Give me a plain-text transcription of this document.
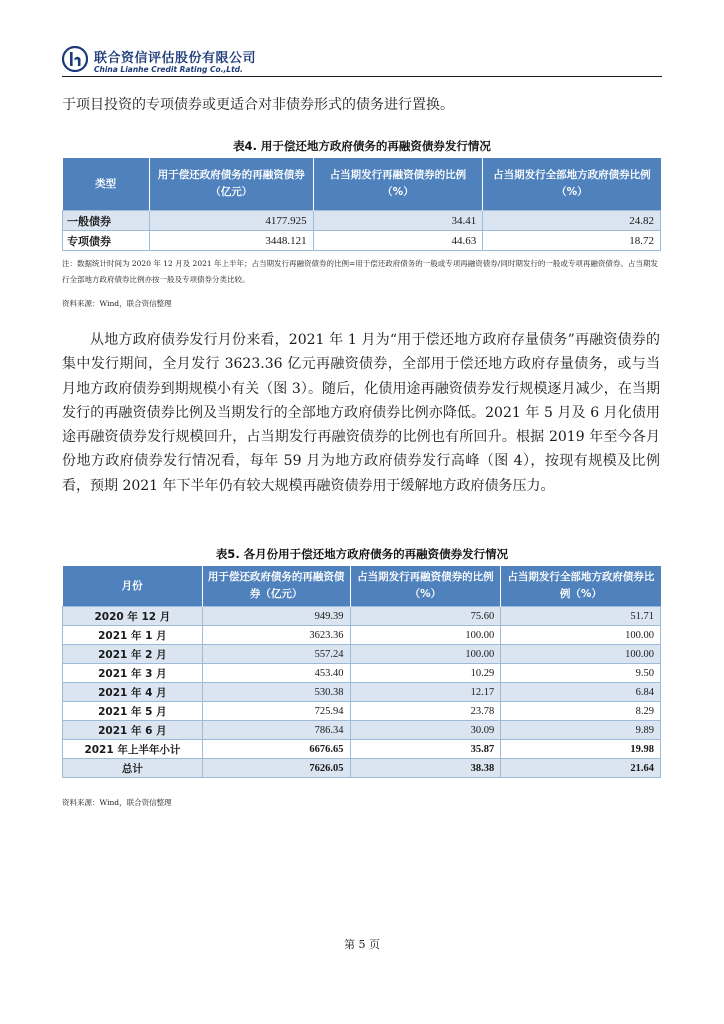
联合资信评估股份有限公司
China Lianhe Credit Rating Co.,Ltd.

于项目投资的专项债券或更适合对非债券形式的债务进行置换。

表4. 用于偿还地方政府债务的再融资债券发行情况
类型	用于偿还政府债务的再融资债券（亿元）	占当期发行再融资债券的比例（%）	占当期发行全部地方政府债券比例（%）
一般债券	4177.925	34.41	24.82
专项债券	3448.121	44.63	18.72
注：数据统计时间为 2020 年 12 月及 2021 年上半年；占当期发行再融资债券的比例=用于偿还政府债务的一般或专项再融资债券/同时期发行的一般或专项再融资债券。占当期发行全部地方政府债券比例亦按一般及专项债券分类比较。
资料来源：Wind，联合资信整理

从地方政府债券发行月份来看，2021 年 1 月为“用于偿还地方政府存量债务”再融资债券的集中发行期间，全月发行 3623.36 亿元再融资债券，全部用于偿还地方政府存量债务，或与当月地方政府债券到期规模小有关（图 3）。随后，化债用途再融资债券发行规模逐月减少，在当期发行的再融资债券比例及当期发行的全部地方政府债券比例亦降低。2021 年 5 月及 6 月化债用途再融资债券发行规模回升，占当期发行再融资债券的比例也有所回升。根据 2019 年至今各月份地方政府债券发行情况看，每年 59 月为地方政府债券发行高峰（图 4），按现有规模及比例看，预期 2021 年下半年仍有较大规模再融资债券用于缓解地方政府债务压力。

表5. 各月份用于偿还地方政府债务的再融资债券发行情况
月份	用于偿还政府债务的再融资债券（亿元）	占当期发行再融资债券的比例（%）	占当期发行全部地方政府债券比例（%）
2020 年 12 月	949.39	75.60	51.71
2021 年 1 月	3623.36	100.00	100.00
2021 年 2 月	557.24	100.00	100.00
2021 年 3 月	453.40	10.29	9.50
2021 年 4 月	530.38	12.17	6.84
2021 年 5 月	725.94	23.78	8.29
2021 年 6 月	786.34	30.09	9.89
2021 年上半年小计	6676.65	35.87	19.98
总计	7626.05	38.38	21.64
资料来源：Wind，联合资信整理
第 5 页
